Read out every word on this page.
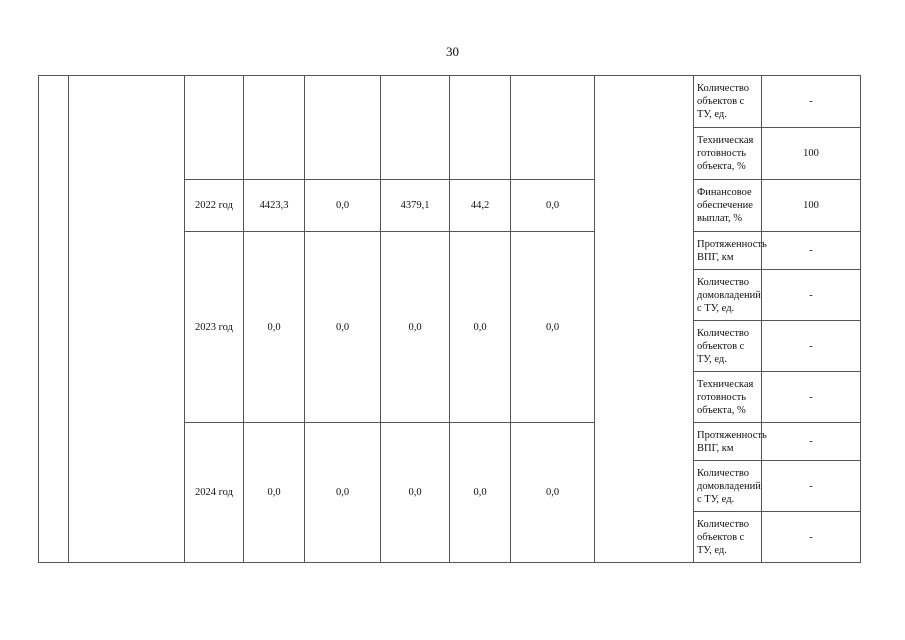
30
									Количество объектов с ТУ, ед.	-
									Техническая готовность объекта, %	100
		2022 год	4423,3	0,0	4379,1	44,2	0,0		Финансовое обеспечение выплат, %	100
		2023 год	0,0	0,0	0,0	0,0	0,0		Протяженность ВПГ, км	-
									Количество домовладений с ТУ, ед.	-
									Количество объектов с ТУ, ед.	-
									Техническая готовность объекта, %	-
		2024 год	0,0	0,0	0,0	0,0	0,0		Протяженность ВПГ, км	-
									Количество домовладений с ТУ, ед.	-
									Количество объектов с ТУ, ед.	-
